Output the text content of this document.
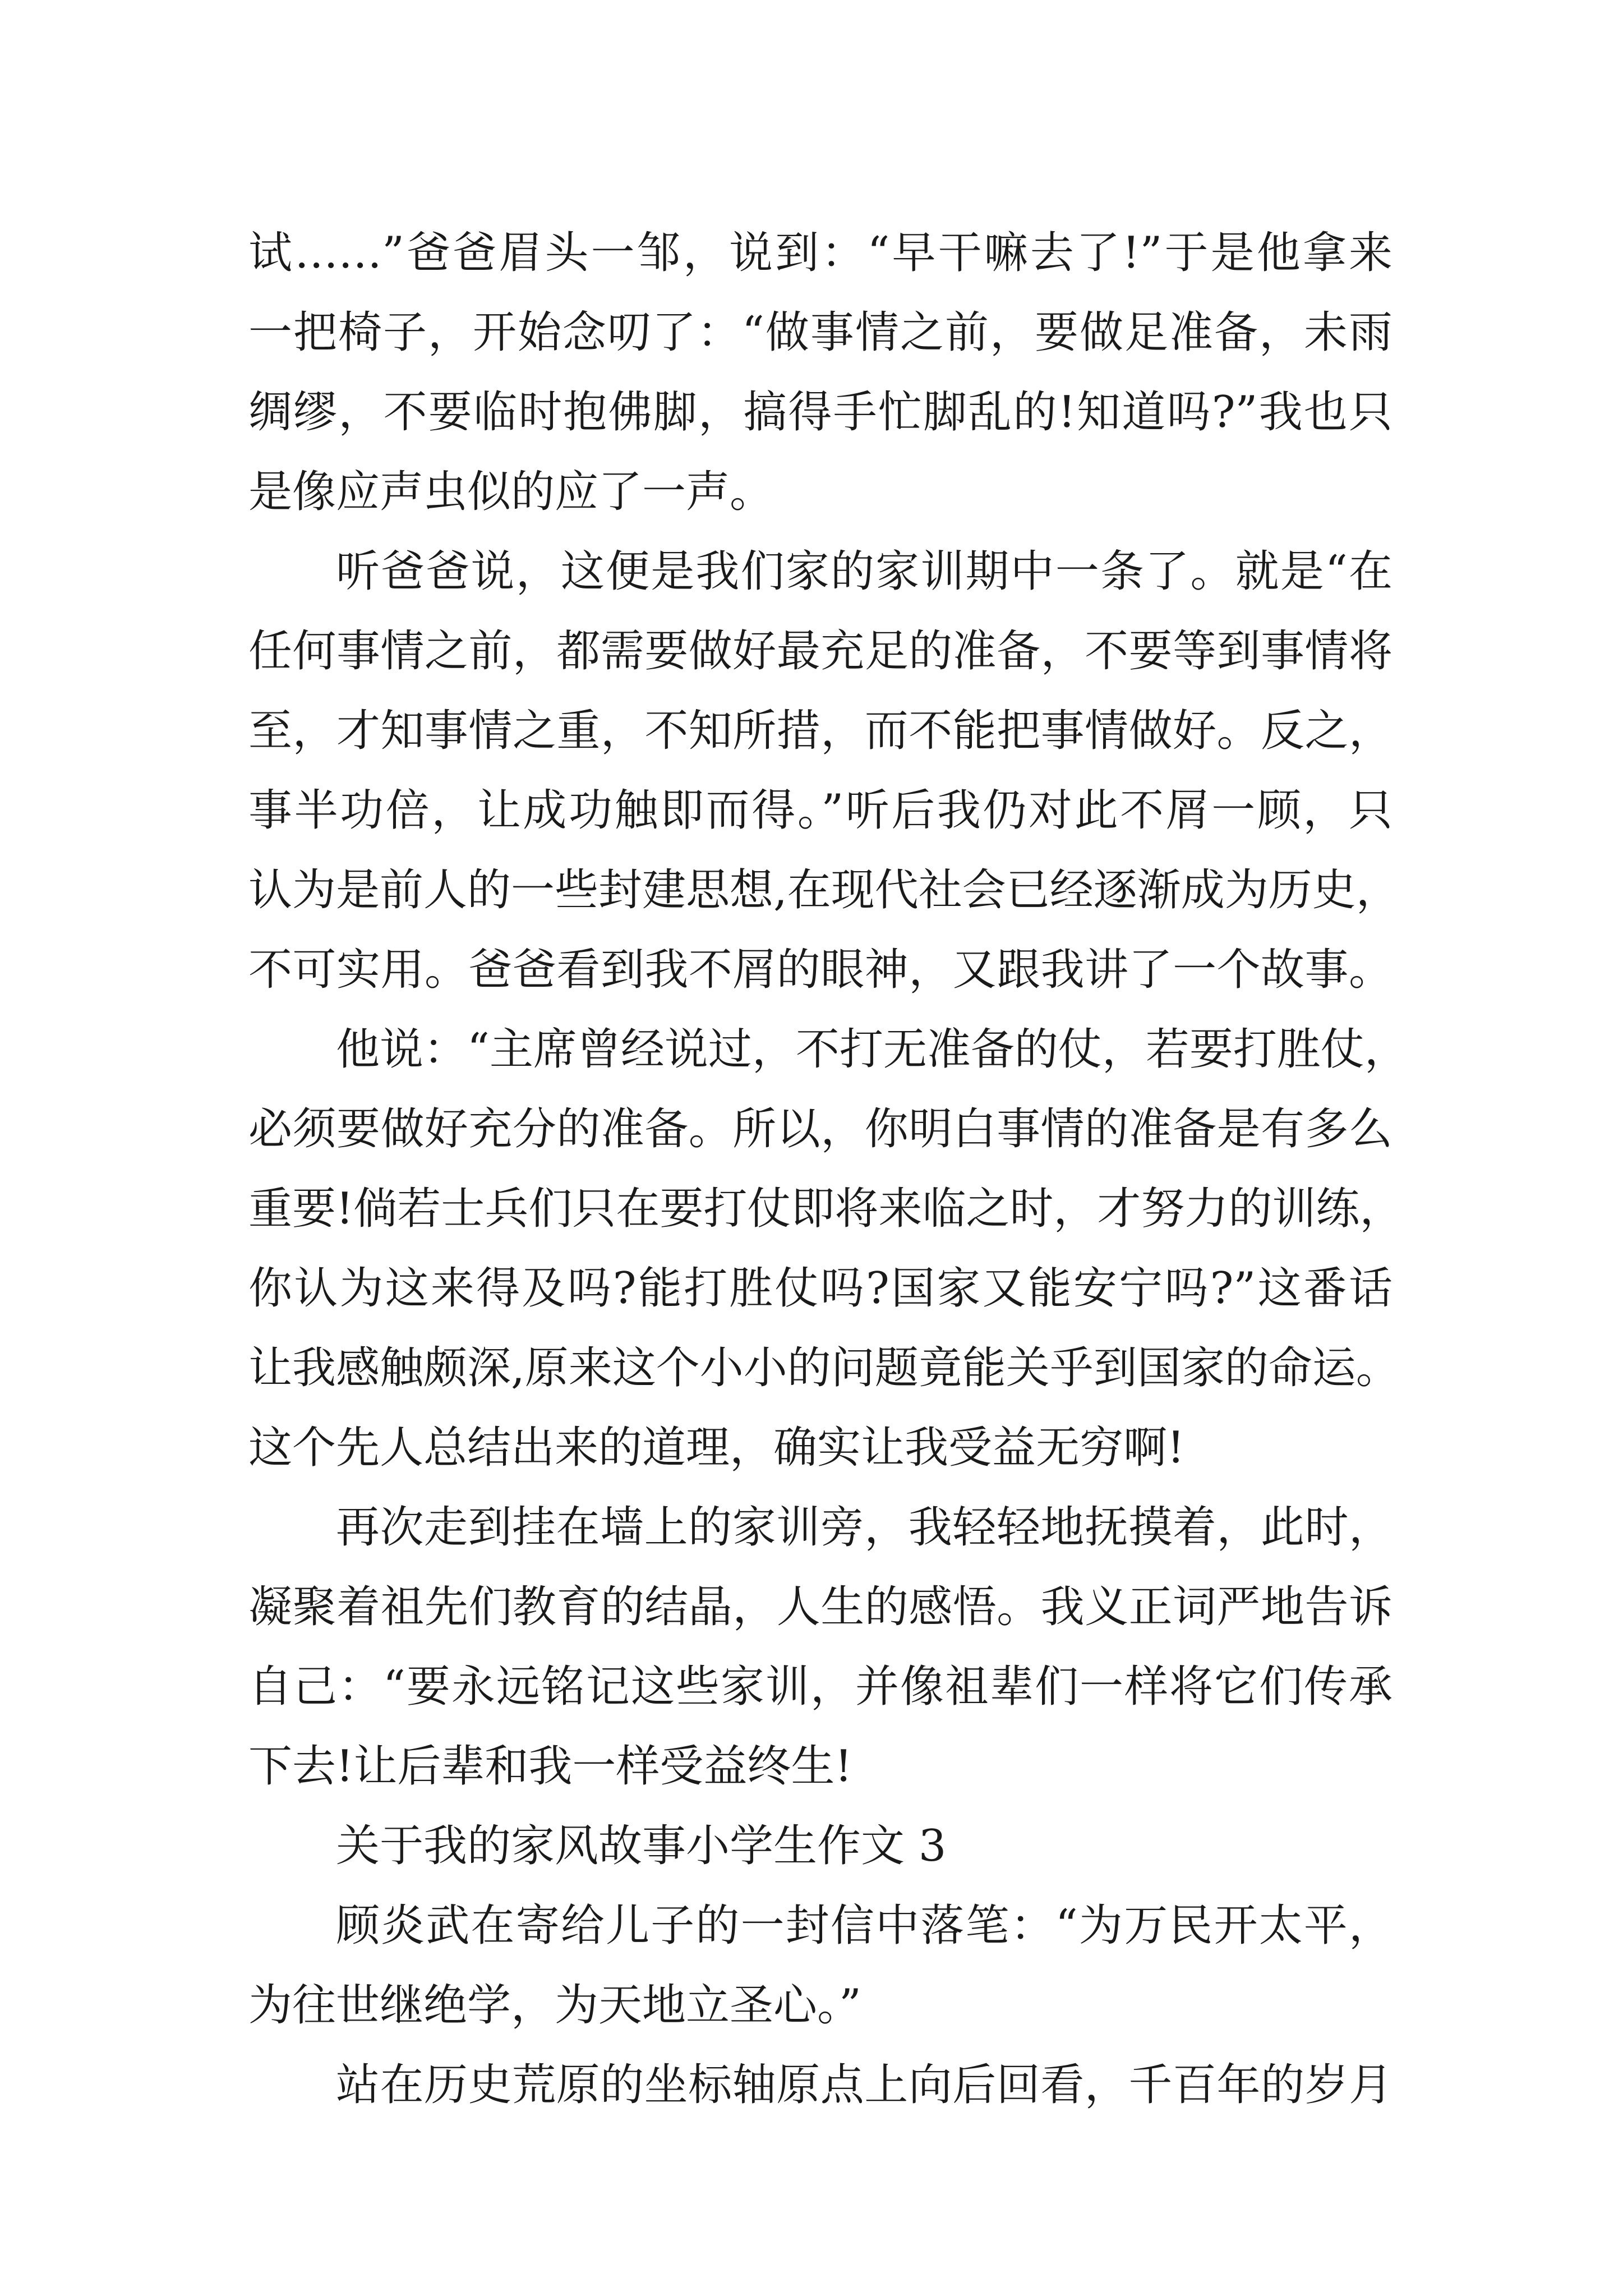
试……”爸爸眉头一邹，说到：“早干嘛去了!”于是他拿来
一把椅子，开始念叨了：“做事情之前，要做足准备，未雨
绸缪，不要临时抱佛脚，搞得手忙脚乱的!知道吗?”我也只
是像应声虫似的应了一声。
听爸爸说，这便是我们家的家训期中一条了。就是“在
任何事情之前，都需要做好最充足的准备，不要等到事情将
至，才知事情之重，不知所措，而不能把事情做好。反之，
事半功倍，让成功触即而得。”听后我仍对此不屑一顾，只
认为是前人的一些封建思想,在现代社会已经逐渐成为历史，
不可实用。爸爸看到我不屑的眼神，又跟我讲了一个故事。
他说：“主席曾经说过，不打无准备的仗，若要打胜仗，
必须要做好充分的准备。所以，你明白事情的准备是有多么
重要!倘若士兵们只在要打仗即将来临之时，才努力的训练，
你认为这来得及吗?能打胜仗吗?国家又能安宁吗?”这番话
让我感触颇深,原来这个小小的问题竟能关乎到国家的命运。
这个先人总结出来的道理，确实让我受益无穷啊!
再次走到挂在墙上的家训旁，我轻轻地抚摸着，此时，
凝聚着祖先们教育的结晶，人生的感悟。我义正词严地告诉
自己：“要永远铭记这些家训，并像祖辈们一样将它们传承
下去!让后辈和我一样受益终生!
关于我的家风故事小学生作文 3
顾炎武在寄给儿子的一封信中落笔：“为万民开太平，
为往世继绝学，为天地立圣心。”
站在历史荒原的坐标轴原点上向后回看，千百年的岁月
